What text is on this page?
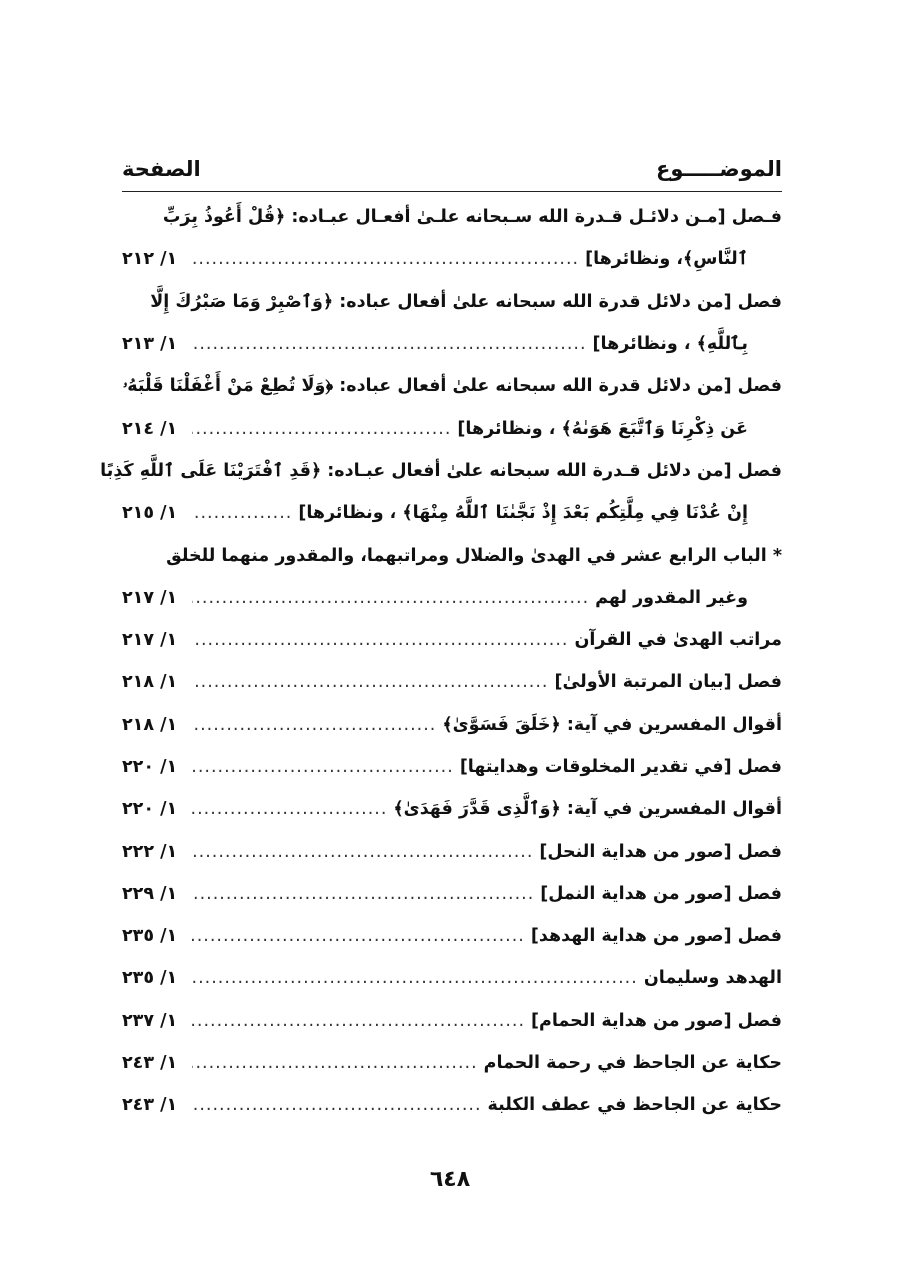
الموضـــــوع
الصفحة
فـصل [مـن دلائـل قـدرة الله سـبحانه علـىٰ أفعـال عبـاده: ﴿قُلْ أَعُوذُ بِرَبِّ
ٱلنَّاسِ﴾، ونظائرها]
.....
١/ ٢١٢
فصل [من دلائل قدرة الله سبحانه علىٰ أفعال عباده: ﴿وَٱصْبِرْ وَمَا صَبْرُكَ إِلَّا
بِٱللَّهِ﴾ ، ونظائرها]
.....
١/ ٢١٣
فصل [من دلائل قدرة الله سبحانه علىٰ أفعال عباده: ﴿وَلَا تُطِعْ مَنْ أَغْفَلْنَا قَلْبَهُۥ
عَن ذِكْرِنَا وَٱتَّبَعَ هَوَىٰهُ﴾ ، ونظائرها]
.....
١/ ٢١٤
فصل [من دلائل قـدرة الله سبحانه علىٰ أفعال عبـاده: ﴿قَدِ ٱفْتَرَيْنَا عَلَى ٱللَّهِ كَذِبًا
إِنْ عُدْنَا فِي مِلَّتِكُم بَعْدَ إِذْ نَجَّىٰنَا ٱللَّهُ مِنْهَا﴾ ، ونظائرها]
.....
١/ ٢١٥
* الباب الرابع عشر في الهدىٰ والضلال ومراتبهما، والمقدور منهما للخلق
وغير المقدور لهم
.....
١/ ٢١٧
مراتب الهدىٰ في القرآن
.....
١/ ٢١٧
فصل [بيان المرتبة الأولىٰ]
.....
١/ ٢١٨
أقوال المفسرين في آية: ﴿خَلَقَ فَسَوَّىٰ﴾
.....
١/ ٢١٨
فصل [في تقدير المخلوقات وهدايتها]
.....
١/ ٢٢٠
أقوال المفسرين في آية: ﴿وَٱلَّذِى قَدَّرَ فَهَدَىٰ﴾
.....
١/ ٢٢٠
فصل [صور من هداية النحل]
.....
١/ ٢٢٢
فصل [صور من هداية النمل]
.....
١/ ٢٢٩
فصل [صور من هداية الهدهد]
.....
١/ ٢٣٥
الهدهد وسليمان
.....
١/ ٢٣٥
فصل [صور من هداية الحمام]
.....
١/ ٢٣٧
حكاية عن الجاحظ في رحمة الحمام
.....
١/ ٢٤٣
حكاية عن الجاحظ في عطف الكلبة
.....
١/ ٢٤٣
٦٤٨
